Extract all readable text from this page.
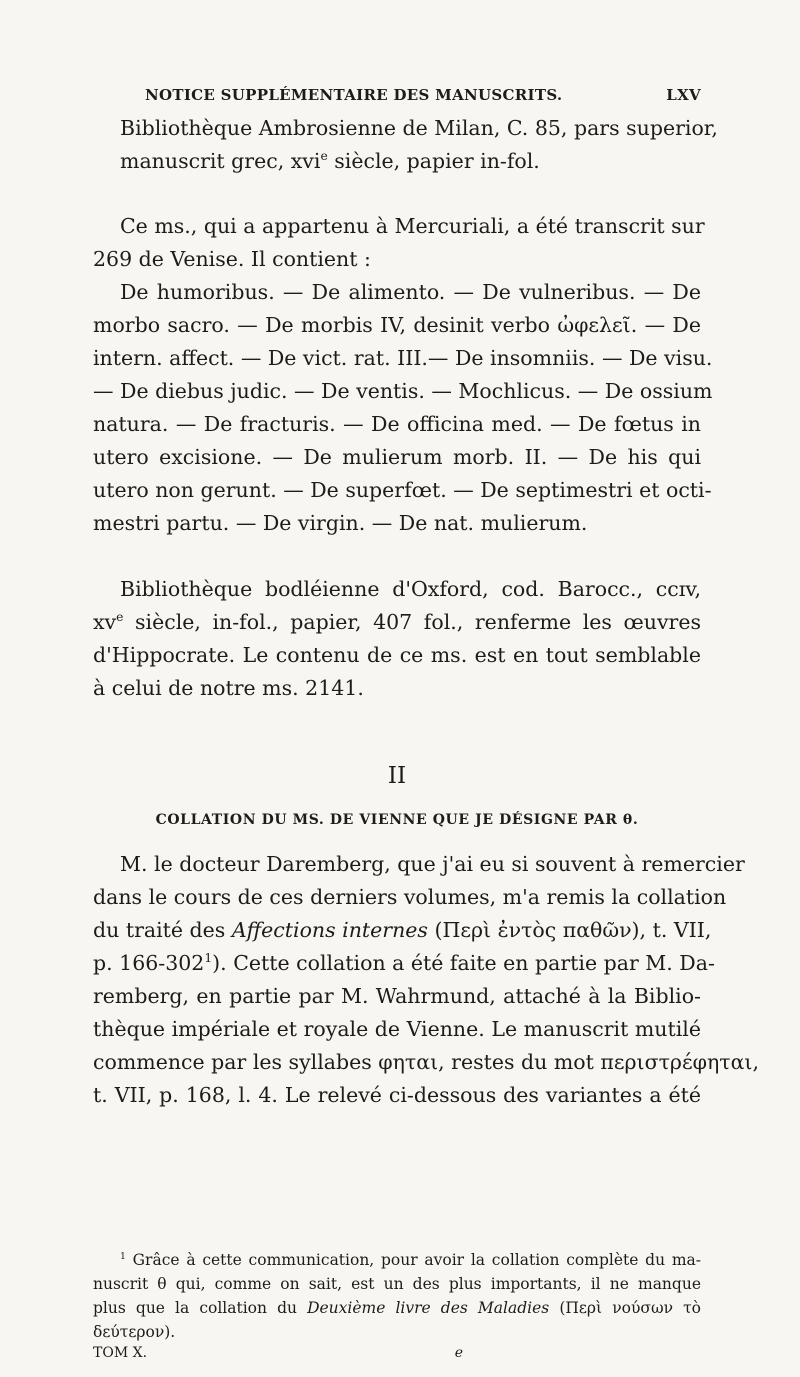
NOTICE SUPPLÉMENTAIRE DES MANUSCRITS.	LXV
Bibliothèque Ambrosienne de Milan, C. 85, pars superior,
manuscrit grec, xvi$^e$ siècle, papier in-fol.
Ce ms., qui a appartenu à Mercuriali, a été transcrit sur
269 de Venise. Il contient :
De humoribus. — De alimento. — De vulneribus. — De
morbo sacro. — De morbis IV, desinit verbo ὠφελεῖ. — De
intern. affect. — De vict. rat. III.— De insomniis. — De visu.
— De diebus judic. — De ventis. — Mochlicus. — De ossium
natura. — De fracturis. — De officina med. — De fœtus in
utero excisione. — De mulierum morb. II. — De his qui
utero non gerunt. — De superfœt. — De septimestri et octi-
mestri partu. — De virgin. — De nat. mulierum.
Bibliothèque bodléienne d'Oxford, cod. Barocc., ccɪv,
$xv^e$ siècle, in-fol., papier, 407 fol., renferme les œuvres
d'Hippocrate. Le contenu de ce ms. est en tout semblable
à celui de notre ms. 2141.
II
COLLATION DU MS. DE VIENNE QUE JE DÉSIGNE PAR θ.
M. le docteur Daremberg, que j'ai eu si souvent à remercier
dans le cours de ces derniers volumes, m'a remis la collation
du traité des Affections internes (Περὶ ἐντὸς παθῶν), t. VII,
p. $166-302^1$). Cette collation a été faite en partie par M. Da-
remberg, en partie par M. Wahrmund, attaché à la Biblio-
thèque impériale et royale de Vienne. Le manuscrit mutilé
commence par les syllabes φηται, restes du mot περιστρέφηται,
t. VII, p. 168, l. 4. Le relevé ci-dessous des variantes a été
$^1$ Grâce à cette communication, pour avoir la collation complète du ma-
nuscrit θ qui, comme on sait, est un des plus importants, il ne manque
plus que la collation du Deuxième livre des Maladies (Περὶ νούσων τὸ
δεύτερον).
TOM X.	e
